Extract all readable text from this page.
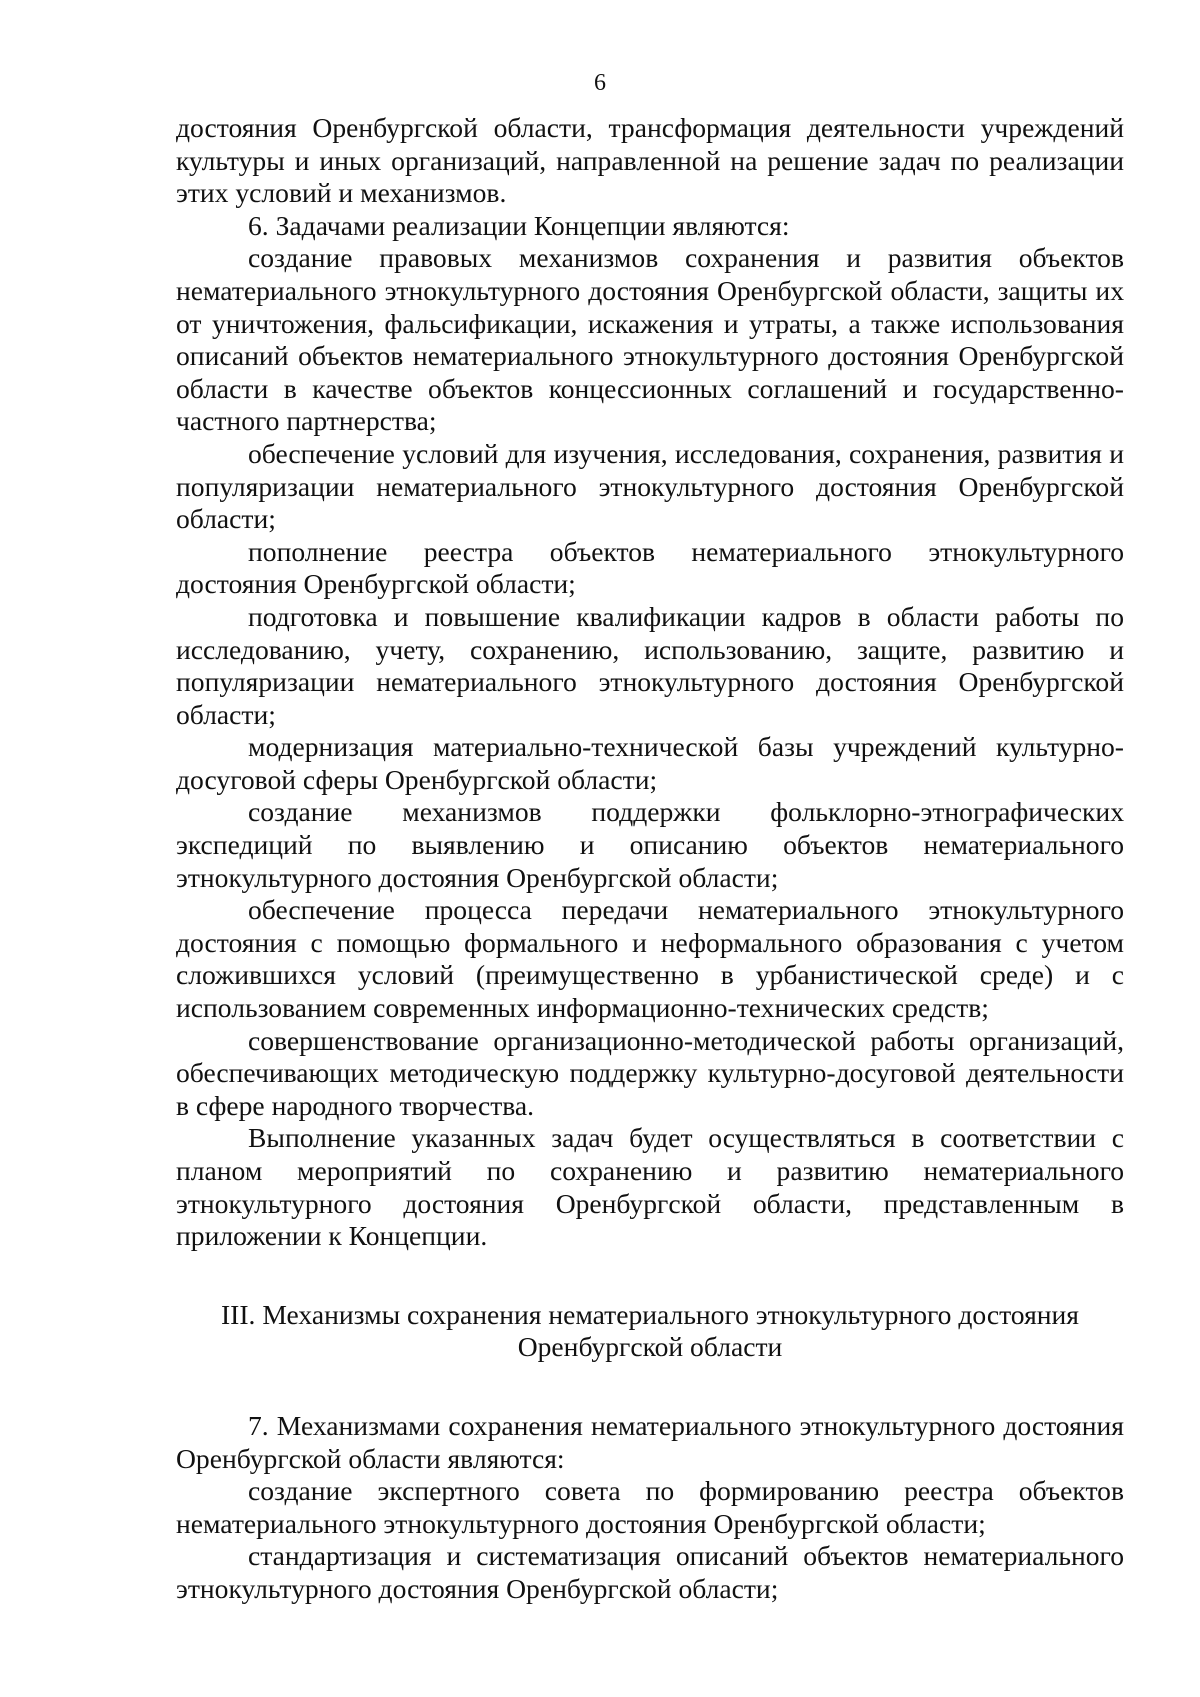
6

достояния Оренбургской области, трансформация деятельности учреждений культуры и иных организаций, направленной на решение задач по реализации этих условий и механизмов.

6. Задачами реализации Концепции являются:

создание правовых механизмов сохранения и развития объектов нематериального этнокультурного достояния Оренбургской области, защиты их от уничтожения, фальсификации, искажения и утраты, а также использования описаний объектов нематериального этнокультурного достояния Оренбургской области в качестве объектов концессионных соглашений и государственно-частного партнерства;

обеспечение условий для изучения, исследования, сохранения, развития и популяризации нематериального этнокультурного достояния Оренбургской области;

пополнение реестра объектов нематериального этнокультурного достояния Оренбургской области;

подготовка и повышение квалификации кадров в области работы по исследованию, учету, сохранению, использованию, защите, развитию и популяризации нематериального этнокультурного достояния Оренбургской области;

модернизация материально-технической базы учреждений культурно-досуговой сферы Оренбургской области;

создание механизмов поддержки фольклорно-этнографических экспедиций по выявлению и описанию объектов нематериального этнокультурного достояния Оренбургской области;

обеспечение процесса передачи нематериального этнокультурного достояния с помощью формального и неформального образования с учетом сложившихся условий (преимущественно в урбанистической среде) и с использованием современных информационно-технических средств;

совершенствование организационно-методической работы организаций, обеспечивающих методическую поддержку культурно-досуговой деятельности в сфере народного творчества.

Выполнение указанных задач будет осуществляться в соответствии с планом мероприятий по сохранению и развитию нематериального этнокультурного достояния Оренбургской области, представленным в приложении к Концепции.

III. Механизмы сохранения нематериального этнокультурного достояния
Оренбургской области

7. Механизмами сохранения нематериального этнокультурного достояния Оренбургской области являются:

создание экспертного совета по формированию реестра объектов нематериального этнокультурного достояния Оренбургской области;

стандартизация и систематизация описаний объектов нематериального этнокультурного достояния Оренбургской области;
